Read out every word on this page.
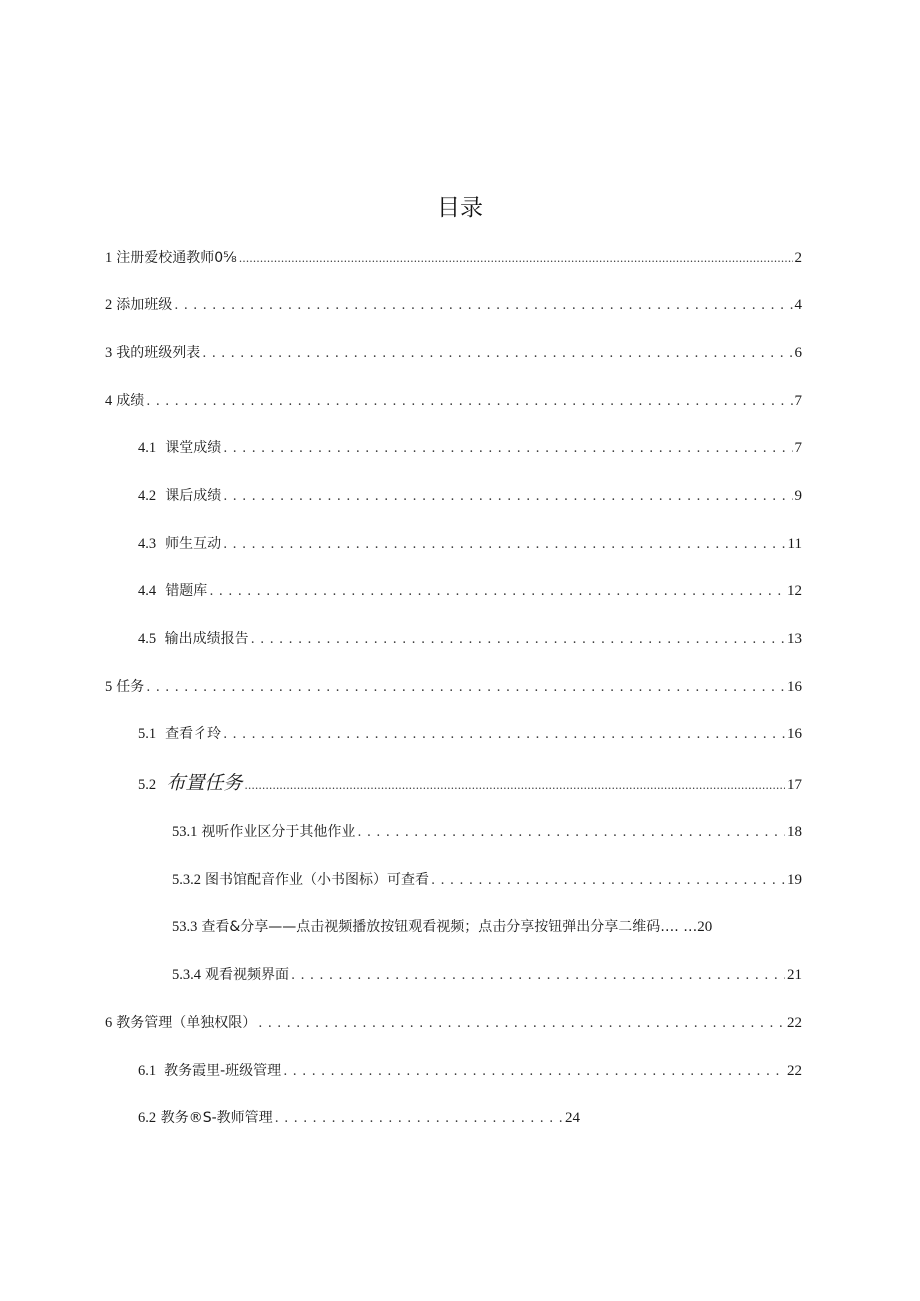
目录
1 注册爱校通教师0⅝ .....	2
2 添加班级 . . .	4
3 我的班级列表 . . .	6
4 成绩 . . .	7
4.1 课堂成绩 . . .	7
4.2 课后成绩 . . .	9
4.3 师生互动 . . .	11
4.4 错题库 . . .	12
4.5 输出成绩报告 . . .	13
5 任务 . . .	16
5.1 查看彳玲 . . .	16
5.2 布置任务 .....	17
53.1 视听作业区分于其他作业 . . .	18
5.3.2 图书馆配音作业（小书图标）可查看 . . .	19
53.3 查看&分享——点击视频播放按钮观看视频；点击分享按钮弹出分享二维码…. … 20
5.3.4 观看视频界面 . . .	21
6 教务管理（单独权限） . . .	22
6.1 教务霞里-班级管理 . . .	22
6.2 教务®S-教师管理 . . .	24
